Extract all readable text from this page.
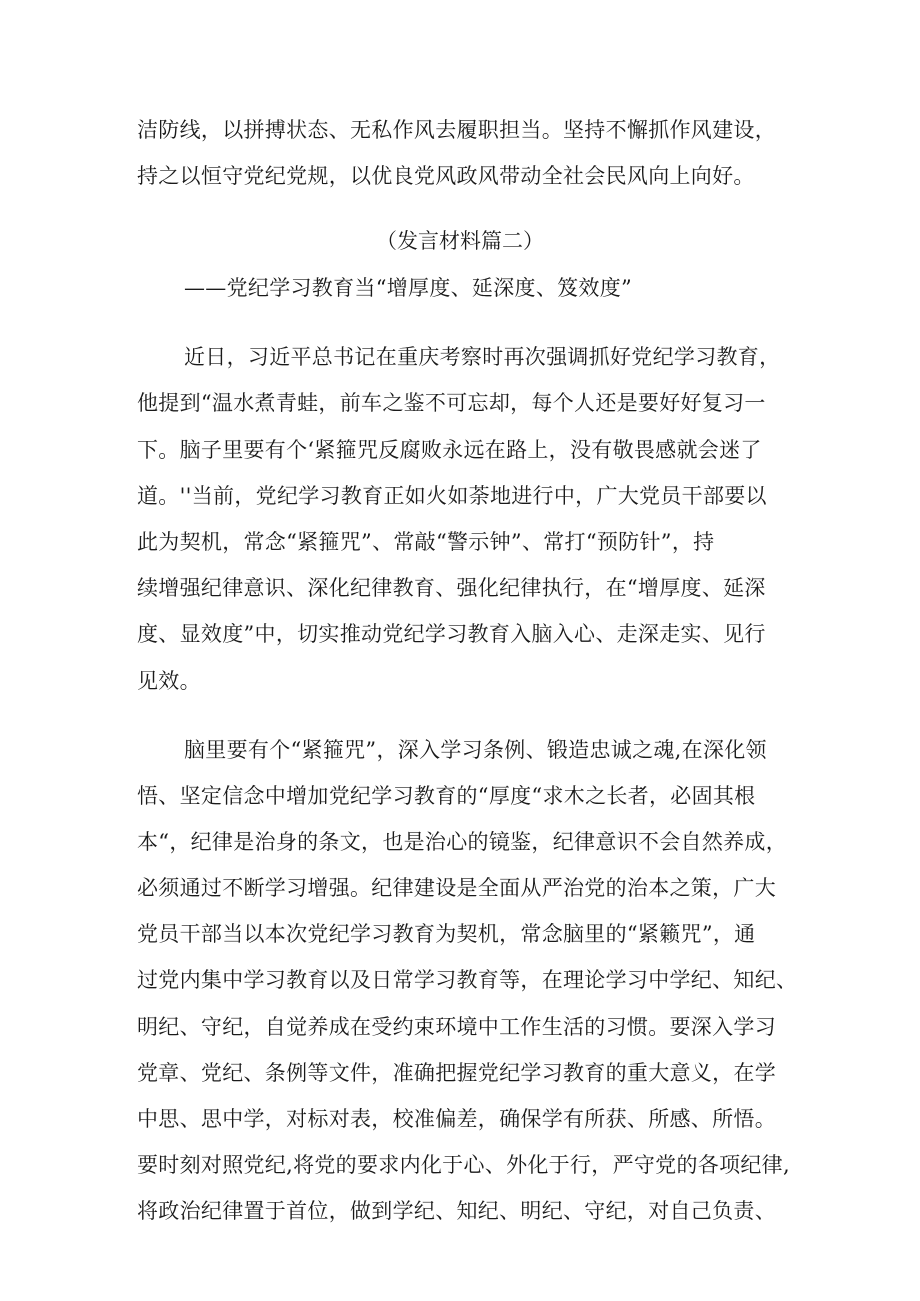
洁防线，以拼搏状态、无私作风去履职担当。坚持不懈抓作风建设，
持之以恒守党纪党规，以优良党风政风带动全社会民风向上向好。
（发言材料篇二）
——党纪学习教育当“增厚度、延深度、笈效度”
近日，习近平总书记在重庆考察时再次强调抓好党纪学习教育，
他提到“温水煮青蛙，前车之鉴不可忘却，每个人还是要好好复习一
下。脑子里要有个‘紧箍咒反腐败永远在路上，没有敬畏感就会迷了
道。''当前，党纪学习教育正如火如荼地进行中，广大党员干部要以
此为契机，常念“紧箍咒”、常敲“警示钟”、常打“预防针”，持
续增强纪律意识、深化纪律教育、强化纪律执行，在“增厚度、延深
度、显效度”中，切实推动党纪学习教育入脑入心、走深走实、见行
见效。
脑里要有个“紧箍咒”，深入学习条例、锻造忠诚之魂,在深化领
悟、坚定信念中增加党纪学习教育的“厚度“求木之长者，必固其根
本“，纪律是治身的条文，也是治心的镜鉴，纪律意识不会自然养成，
必须通过不断学习增强。纪律建设是全面从严治党的治本之策，广大
党员干部当以本次党纪学习教育为契机，常念脑里的“紧籁咒”，通
过党内集中学习教育以及日常学习教育等，在理论学习中学纪、知纪、
明纪、守纪，自觉养成在受约束环境中工作生活的习惯。要深入学习
党章、党纪、条例等文件，准确把握党纪学习教育的重大意义，在学
中思、思中学，对标对表，校准偏差，确保学有所获、所感、所悟。
要时刻对照党纪,将党的要求内化于心、外化于行，严守党的各项纪律,
将政治纪律置于首位，做到学纪、知纪、明纪、守纪，对自己负责、
